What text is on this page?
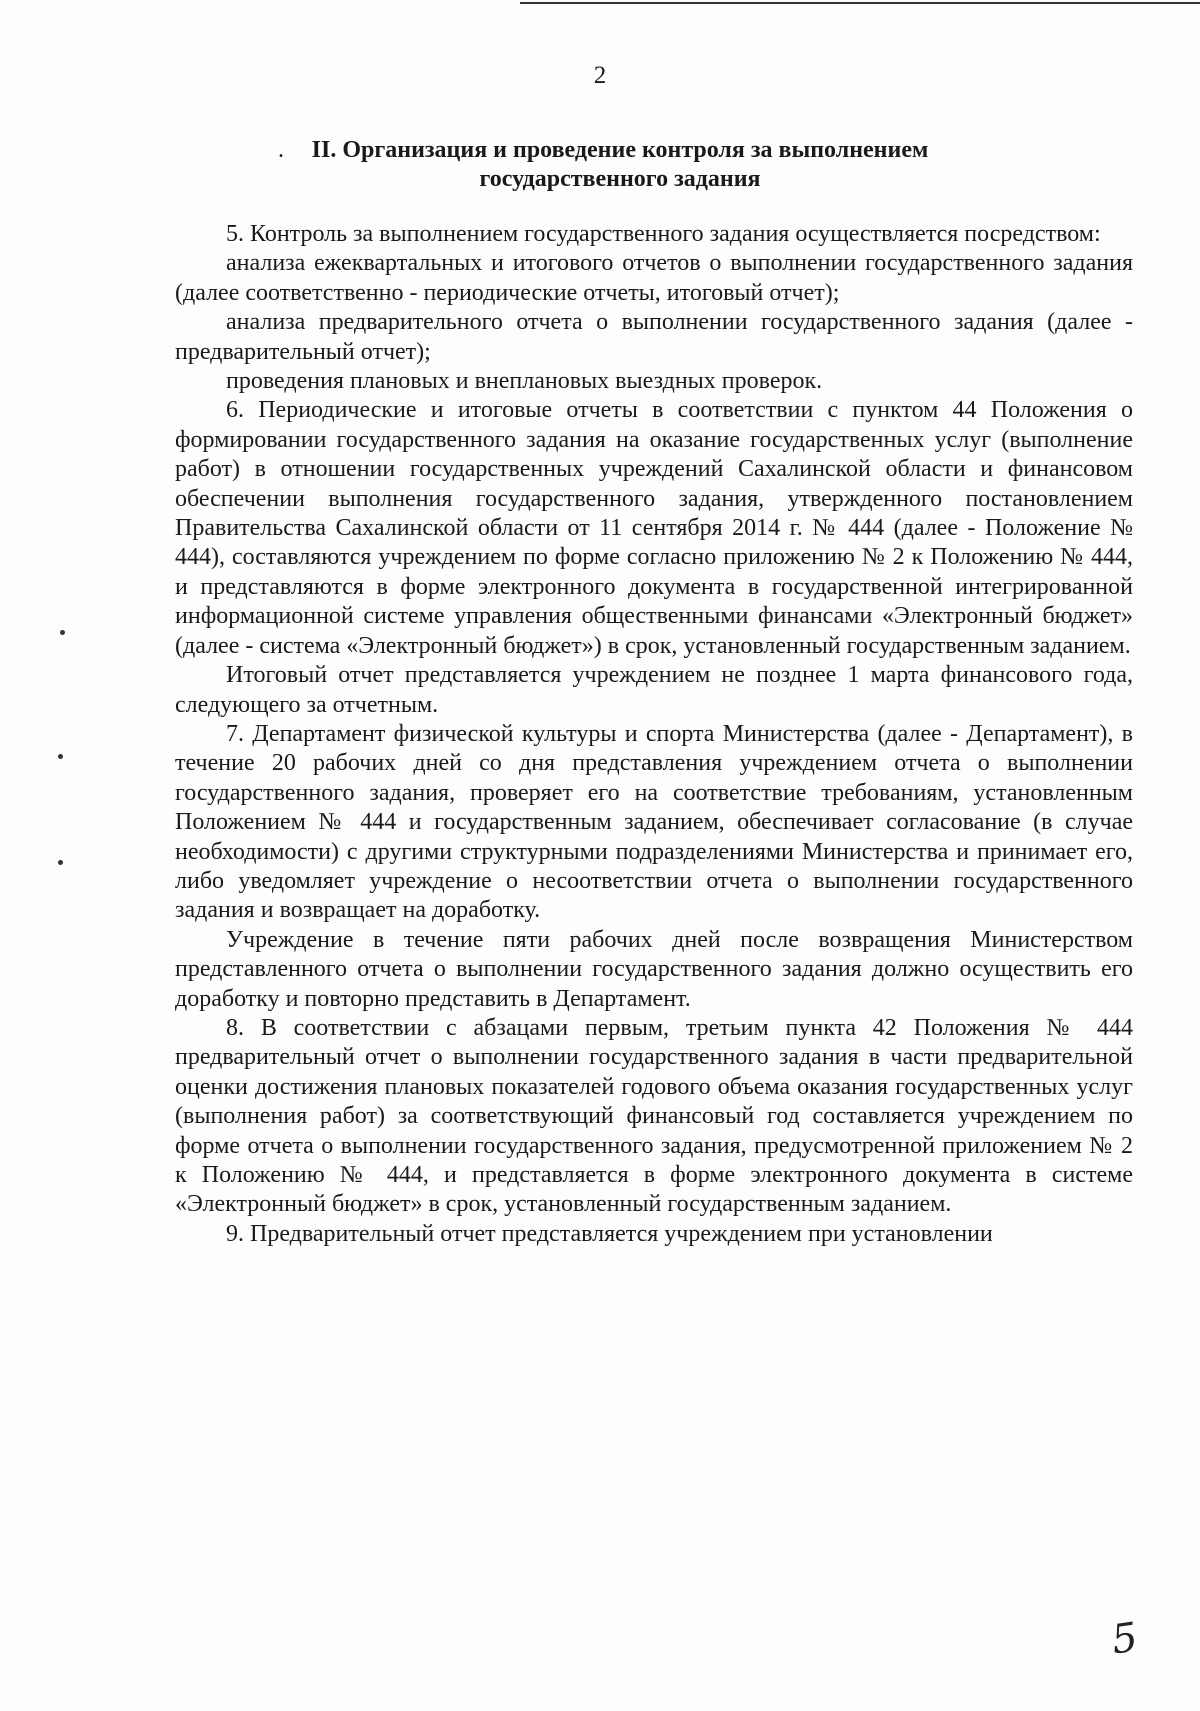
2
.	II. Организация и проведение контроля за выполнением
государственного задания

5. Контроль за выполнением государственного задания осуществляется посредством:

анализа ежеквартальных и итогового отчетов о выполнении государственного задания (далее соответственно - периодические отчеты, итоговый отчет);

анализа предварительного отчета о выполнении государственного задания (далее - предварительный отчет);

проведения плановых и внеплановых выездных проверок.

6. Периодические и итоговые отчеты в соответствии с пунктом 44 Положения о формировании государственного задания на оказание государственных услуг (выполнение работ) в отношении государственных учреждений Сахалинской области и финансовом обеспечении выполнения государственного задания, утвержденного постановлением Правительства Сахалинской области от 11 сентября 2014 г. № 444 (далее - Положение № 444), составляются учреждением по форме согласно приложению № 2 к Положению № 444, и представляются в форме электронного документа в государственной интегрированной информационной системе управления общественными финансами «Электронный бюджет» (далее - система «Электронный бюджет») в срок, установленный государственным заданием.

Итоговый отчет представляется учреждением не позднее 1 марта финансового года, следующего за отчетным.

7. Департамент физической культуры и спорта Министерства (далее - Департамент), в течение 20 рабочих дней со дня представления учреждением отчета о выполнении государственного задания, проверяет его на соответствие требованиям, установленным Положением № 444 и государственным заданием, обеспечивает согласование (в случае необходимости) с другими структурными подразделениями Министерства и принимает его, либо уведомляет учреждение о несоответствии отчета о выполнении государственного задания и возвращает на доработку.

Учреждение в течение пяти рабочих дней после возвращения Министерством представленного отчета о выполнении государственного задания должно осуществить его доработку и повторно представить в Департамент.

8. В соответствии с абзацами первым, третьим пункта 42 Положения № 444 предварительный отчет о выполнении государственного задания в части предварительной оценки достижения плановых показателей годового объема оказания государственных услуг (выполнения работ) за соответствующий финансовый год составляется учреждением по форме отчета о выполнении государственного задания, предусмотренной приложением № 2 к Положению № 444, и представляется в форме электронного документа в системе «Электронный бюджет» в срок, установленный государственным заданием.

9. Предварительный отчет представляется учреждением при установлении

5
